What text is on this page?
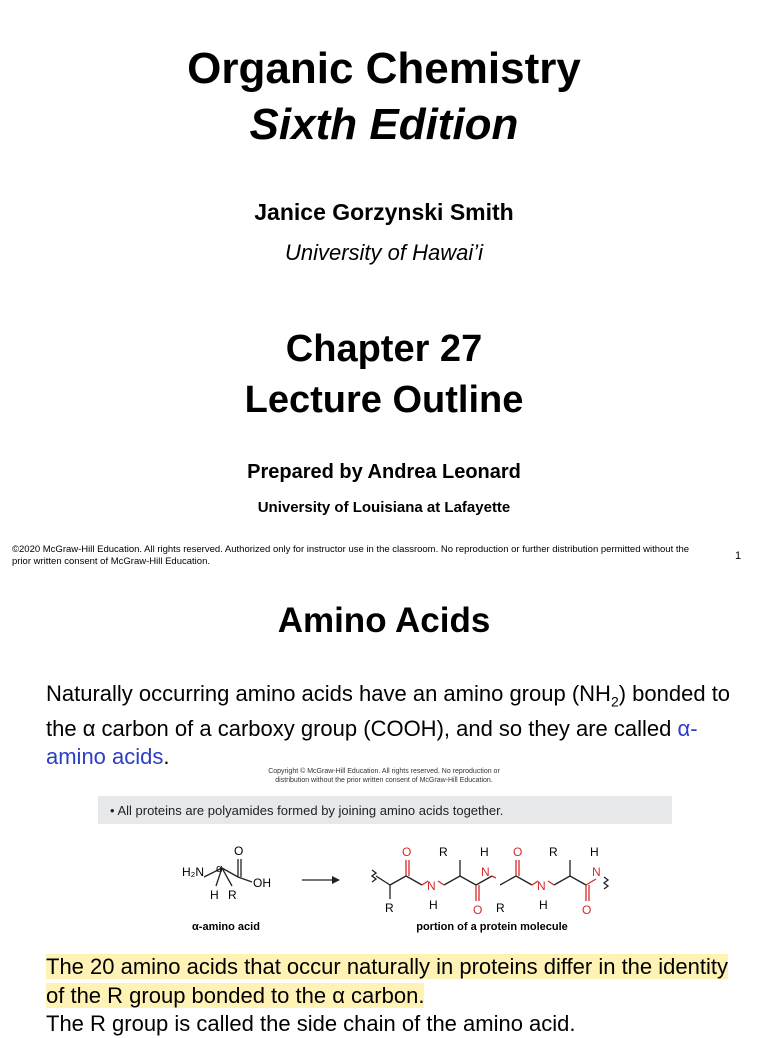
Organic Chemistry
Sixth Edition
Janice Gorzynski Smith
University of Hawai’i
Chapter 27
Lecture Outline
Prepared by Andrea Leonard
University of Louisiana at Lafayette
©2020 McGraw-Hill Education. All rights reserved. Authorized only for instructor use in the classroom. No reproduction or further distribution permitted without the prior written consent of McGraw-Hill Education.	1
Amino Acids
Naturally occurring amino acids have an amino group $(NH_2)$ bonded to the α carbon of a carboxy group (COOH), and so they are called α-amino acids.
Copyright © McGraw-Hill Education. All rights reserved. No reproduction or
distribution without the prior written consent of McGraw-Hill Education.
• All proteins are polyamides formed by joining amino acids together.
O
H₂N α
OH
H R
O
R
N
H
R
O
H
N
R
O
N
H
R
O
H
N
α-amino acid	portion of a protein molecule
The 20 amino acids that occur naturally in proteins differ in the identity of the R group bonded to the α carbon.
The R group is called the side chain of the amino acid.
